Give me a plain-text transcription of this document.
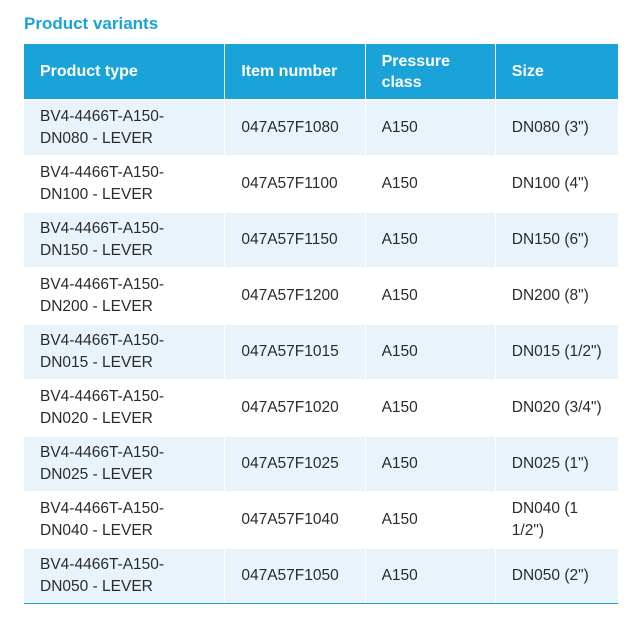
Product variants
Product type	Item number	Pressure class	Size
BV4-4466T-A150-DN080 - LEVER	047A57F1080	A150	DN080 (3")
BV4-4466T-A150-DN100 - LEVER	047A57F1100	A150	DN100 (4")
BV4-4466T-A150-DN150 - LEVER	047A57F1150	A150	DN150 (6")
BV4-4466T-A150-DN200 - LEVER	047A57F1200	A150	DN200 (8")
BV4-4466T-A150-DN015 - LEVER	047A57F1015	A150	DN015 (1/2")
BV4-4466T-A150-DN020 - LEVER	047A57F1020	A150	DN020 (3/4")
BV4-4466T-A150-DN025 - LEVER	047A57F1025	A150	DN025 (1")
BV4-4466T-A150-DN040 - LEVER	047A57F1040	A150	DN040 (1 1/2")
BV4-4466T-A150-DN050 - LEVER	047A57F1050	A150	DN050 (2")
